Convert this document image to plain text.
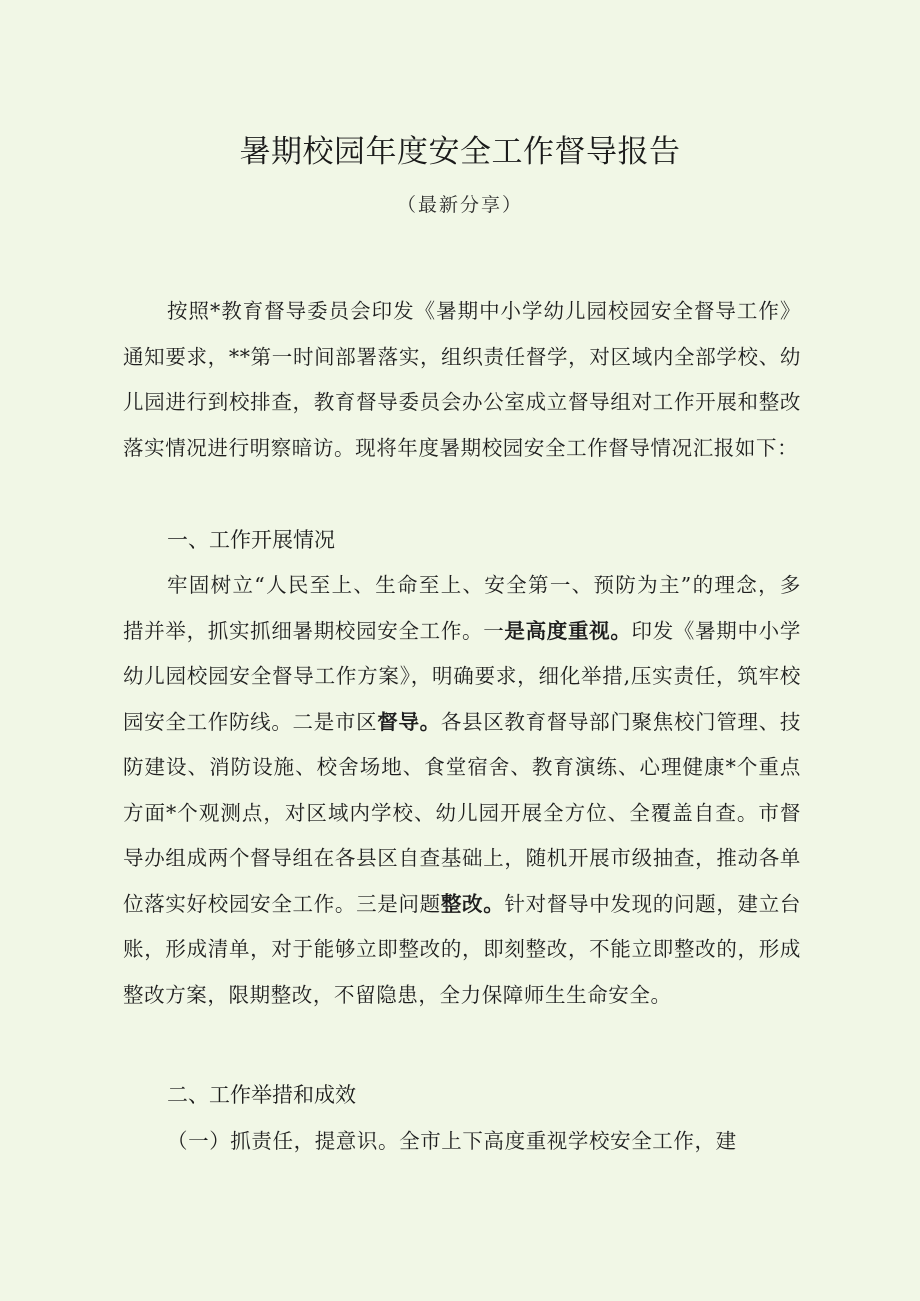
暑期校园年度安全工作督导报告
（最新分享）
按照*教育督导委员会印发《暑期中小学幼儿园校园安全督导工作》通知要求，**第一时间部署落实，组织责任督学，对区域内全部学校、幼儿园进行到校排查，教育督导委员会办公室成立督导组对工作开展和整改落实情况进行明察暗访。现将年度暑期校园安全工作督导情况汇报如下：
一、工作开展情况
牢固树立“人民至上、生命至上、安全第一、预防为主”的理念，多措并举，抓实抓细暑期校园安全工作。一是高度重视。印发《暑期中小学幼儿园校园安全督导工作方案》，明确要求，细化举措,压实责任，筑牢校园安全工作防线。二是市区督导。各县区教育督导部门聚焦校门管理、技防建设、消防设施、校舍场地、食堂宿舍、教育演练、心理健康*个重点方面*个观测点，对区域内学校、幼儿园开展全方位、全覆盖自查。市督导办组成两个督导组在各县区自查基础上，随机开展市级抽查，推动各单位落实好校园安全工作。三是问题整改。针对督导中发现的问题，建立台账，形成清单，对于能够立即整改的，即刻整改，不能立即整改的，形成整改方案，限期整改，不留隐患，全力保障师生生命安全。
二、工作举措和成效
（一）抓责任，提意识。全市上下高度重视学校安全工作，建
